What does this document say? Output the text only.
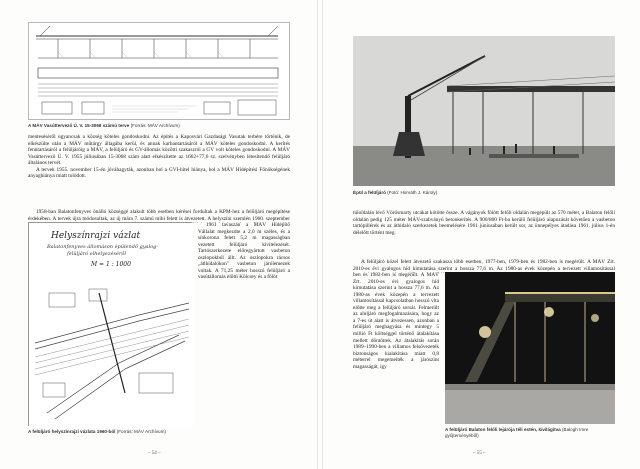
A MÁV Vasúttervező Ú. V. 15-3068 számú terve (Forrás: MÁV Archívum)

menteséséről ugyancsak a község köteles gondoskodni. Az építés a Kaposvári Gazdasági Vasutak terbére történik, de elkészülte után a MÁV műtárgy állagába kerül, és annak karbantartásáról a MÁV köteles gondoskodni. A kerítés fenntartásáról a felüljáróig a MÁV, a felüljáró és GV-állomás közötti szakaszról a GV volt köteles gondoskodni. A MÁV Vasúttervező Ú. V. 1955 júliusában 15-3068 szám alatt elkészítette az 1662+77,6 sz. szelvényben létesítendő felüljáró általános tervét.

A tervek 1955. november 15-én jóváhagyták, azonban hol a GVI-hitel hiánya, hol a MÁV Hídépítési Főnökségének anyaghiánya miatt tolódott.

1958-ban Balatonfenyves önálló községgé alakult több esetben kérései fordultak a KPM-hez a felüljáró megépítése érdekében. A tervek újra módosultak, az új mára 7. számú mihi felett is átvezetett. A helyszíni szemlén 1960. szeptember

1961 tavaszán a MÁV Hídépítő Vállalat megkezdte a 2,0 m széles, és a sínkorona felett 5,2 m magasságban vezetett felüljáró kivitelezését. Tartószerkezete előregyártott vasbeton oszlopokból állt. Az oszlopokra rácsos „átlhídalókon" vasbeton járólemezek voltak. A 71,25 méter hosszú felüljáró a vasútállomás előtti Kölcsey és a fölöt

Helyszínrajzi vázlat
Balatonfenyves állomáson épülendő gyalog-
felüljáró elhelyezéséről
M = 1 : 1000
A felüljáró helyszínrajzi vázlata 1960-ból (Forrás: MÁV Archívum)
– 54 –
Épül a felüljáró (Fotó: Horváth J. Károly)

túloldalán lévő Vörösmarty utcákat kötötte össze. A vágányok fölött felőli oldalán megépült az 570 méter, a Balaton felőli oldalán pedig 125 méter MÁV-szabványú betonkerítés. A 900/800 Ft-ba kerülő felüljáró alapozását követően a vasbeton tartópillérek és az áthidaló szerkezetek beemelésére 1961 júniusában került sor, az ünnepélyes átadása 1961. július 1-én délelőtt történt meg.

A felüljáró közel felett átvezető szakasza több esetben, 1977-ben, 1979-ben és 1982-ben is megérült. A MÁV Zrt. 2010-es évi gyalogos híd kimutatása szerint a hossza 77,6 m. Az 1980-as évek közepén a tervezett villamosítással

ben és 1982-ben is megérült. A MÁV Zrt. 2010-es évi gyalogos híd kimutatása szerint a hossza 77,6 m. Az 1980-as évek közepén a tervezett villamosítással kapcsolatban hosszú vita előtte meg a felüljáró sorsát. Felmerült az aluljáró megfogalmazására, hogy az a 7-es út alatt is átvezessen, azonban a felüljáró meghagyása és mintegy 5 millió Ft költséggel történő átalakítása mellett döntöttek. Az átalakítás során 1989–1990-ben a villamos felsővezeték biztonságos kialakítása miatt 0,8 méterrel megemelték a járószint magasságát, így

A felüljáró Balaton felőli lejárója téli estén, kivilágítva (Balogh Imre gyűjteményéből)
– 55 –
